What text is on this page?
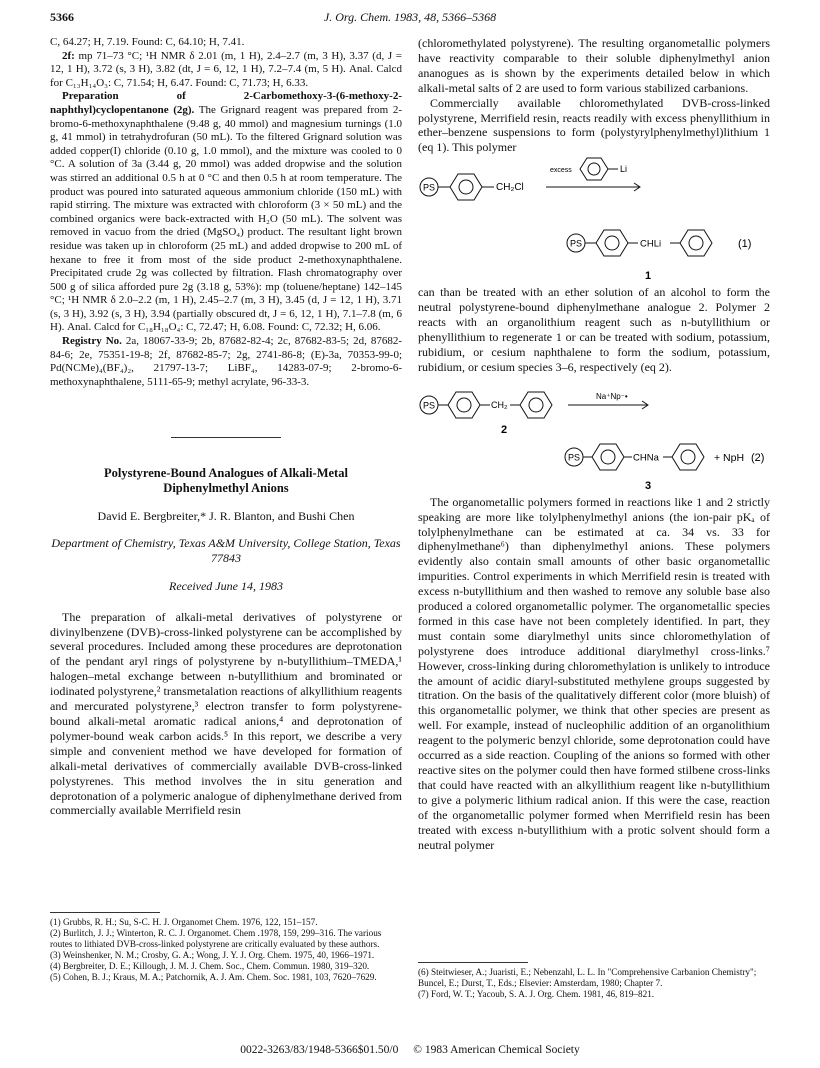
5366	J. Org. Chem. 1983, 48, 5366–5368

C, 64.27; H, 7.19. Found: C, 64.10; H, 7.41.

2f: mp 71–73 °C; ¹H NMR δ 2.01 (m, 1 H), 2.4–2.7 (m, 3 H), 3.37 (d, J = 12, 1 H), 3.72 (s, 3 H), 3.82 (dt, J = 6, 12, 1 H), 7.2–7.4 (m, 5 H). Anal. Calcd for C₁₃H₁₄O₃: C, 71.54; H, 6.47. Found: C, 71.73; H, 6.33.

Preparation of 2-Carbomethoxy-3-(6-methoxy-2-naphthyl)cyclopentanone (2g). The Grignard reagent was prepared from 2-bromo-6-methoxynaphthalene (9.48 g, 40 mmol) and magnesium turnings (1.0 g, 41 mmol) in tetrahydrofuran (50 mL). To the filtered Grignard solution was added copper(I) chloride (0.10 g, 1.0 mmol), and the mixture was cooled to 0 °C. A solution of 3a (3.44 g, 20 mmol) was added dropwise and the solution was stirred an additional 0.5 h at 0 °C and then 0.5 h at room temperature. The product was poured into saturated aqueous ammonium chloride (150 mL) with rapid stirring. The mixture was extracted with chloroform (3 × 50 mL) and the combined organics were back-extracted with H₂O (50 mL). The solvent was removed in vacuo from the dried (MgSO₄) product. The resultant light brown residue was taken up in chloroform (25 mL) and added dropwise to 200 mL of hexane to free it from most of the side product 2-methoxynaphthalene. Precipitated crude 2g was collected by filtration. Flash chromatography over 500 g of silica afforded pure 2g (3.18 g, 53%): mp (toluene/heptane) 142–145 °C; ¹H NMR δ 2.0–2.2 (m, 1 H), 2.45–2.7 (m, 3 H), 3.45 (d, J = 12, 1 H), 3.71 (s, 3 H), 3.92 (s, 3 H), 3.94 (partially obscured dt, J = 6, 12, 1 H), 7.1–7.8 (m, 6 H). Anal. Calcd for C₁₈H₁₈O₄: C, 72.47; H, 6.08. Found: C, 72.32; H, 6.06.

Registry No. 2a, 18067-33-9; 2b, 87682-82-4; 2c, 87682-83-5; 2d, 87682-84-6; 2e, 75351-19-8; 2f, 87682-85-7; 2g, 2741-86-8; (E)-3a, 70353-99-0; Pd(NCMe)₄(BF₄)₂, 21797-13-7; LiBF₄, 14283-07-9; 2-bromo-6-methoxynaphthalene, 5111-65-9; methyl acrylate, 96-33-3.

Polystyrene-Bound Analogues of Alkali-Metal Diphenylmethyl Anions
David E. Bergbreiter,* J. R. Blanton, and Bushi Chen
Department of Chemistry, Texas A&M University, College Station, Texas 77843
Received June 14, 1983

The preparation of alkali-metal derivatives of polystyrene or divinylbenzene (DVB)-cross-linked polystyrene can be accomplished by several procedures. Included among these procedures are deprotonation of the pendant aryl rings of polystyrene by n-butyllithium–TMEDA,¹ halogen–metal exchange between n-butyllithium and brominated or iodinated polystyrene,² transmetalation reactions of alkyllithium reagents and mercurated polystyrene,³ electron transfer to form polystyrene-bound alkali-metal aromatic radical anions,⁴ and deprotonation of polymer-bound weak carbon acids.⁵ In this report, we describe a very simple and convenient method we have developed for formation of alkali-metal derivatives of commercially available DVB-cross-linked polystyrenes. This method involves the in situ generation and deprotonation of a polymeric analogue of diphenylmethane derived from commercially available Merrifield resin

(1) Grubbs, R. H.; Su, S-C. H. J. Organomet Chem. 1976, 122, 151–157.
(2) Burlitch, J. J.; Winterton, R. C. J. Organomet. Chem .1978, 159, 299–316. The various routes to lithiated DVB-cross-linked polystyrene are critically evaluated by these authors.
(3) Weinshenker, N. M.; Crosby, G. A.; Wong, J. Y. J. Org. Chem. 1975, 40, 1966–1971.
(4) Bergbreiter, D. E.; Killough, J. M. J. Chem. Soc., Chem. Commun. 1980, 319–320.
(5) Cohen, B. J.; Kraus, M. A.; Patchornik, A. J. Am. Chem. Soc. 1981, 103, 7620–7629.

(chloromethylated polystyrene). The resulting organometallic polymers have reactivity comparable to their soluble diphenylmethyl anion ananogues as is shown by the experiments detailed below in which alkali-metal salts of 2 are used to form various stabilized carbanions.

Commercially available chloromethylated DVB-cross-linked polystyrene, Merrifield resin, reacts readily with excess phenyllithium in ether–benzene suspensions to form (polystyrylphenylmethyl)lithium 1 (eq 1). This polymer

PS	CH₂Cl
excess	Li
PS	CHLi	(1)
1

can than be treated with an ether solution of an alcohol to form the neutral polystyrene-bound diphenylmethane analogue 2. Polymer 2 reacts with an organolithium reagent such as n-butyllithium or phenyllithium to regenerate 1 or can be treated with sodium, potassium, rubidium, or cesium naphthalene to form the sodium, potassium, rubidium, or cesium species 3–6, respectively (eq 2).

PS	CH₂
Na⁺Np⁻•
2
PS	CHNa	+ NpH (2)
3

The organometallic polymers formed in reactions like 1 and 2 strictly speaking are more like tolylphenylmethyl anions (the ion-pair pKₐ of tolylphenylmethane can be estimated at ca. 34 vs. 33 for diphenylmethane⁶) than diphenylmethyl anions. These polymers evidently also contain small amounts of other basic organometallic impurities. Control experiments in which Merrifield resin is treated with excess n-butyllithium and then washed to remove any soluble base also produced a colored organometallic polymer. The organometallic species formed in this case have not been completely identified. In part, they must contain some diarylmethyl units since chloromethylation of polystyrene does introduce additional diarylmethyl cross-links.⁷ However, cross-linking during chloromethylation is unlikely to introduce the amount of acidic diaryl-substituted methylene groups suggested by titration. On the basis of the qualitatively different color (more bluish) of this organometallic polymer, we think that other species are present as well. For example, instead of nucleophilic addition of an organolithium reagent to the polymeric benzyl chloride, some deprotonation could have occurred as a side reaction. Coupling of the anions so formed with other reactive sites on the polymer could then have formed stilbene cross-links that could have reacted with an alkyllithium reagent like n-butyllithium to give a polymeric lithium radical anion. If this were the case, reaction of the organometallic polymer formed when Merrifield resin has been treated with excess n-butyllithium with a protic solvent should form a neutral polymer

(6) Steitwieser, A.; Juaristi, E.; Nebenzahl, L. L. In "Comprehensive Carbanion Chemistry"; Buncel, E.; Durst, T., Eds.; Elsevier: Amsterdam, 1980; Chapter 7.
(7) Ford, W. T.; Yacoub, S. A. J. Org. Chem. 1981, 46, 819–821.
0022-3263/83/1948-5366$01.50/0 © 1983 American Chemical Society
